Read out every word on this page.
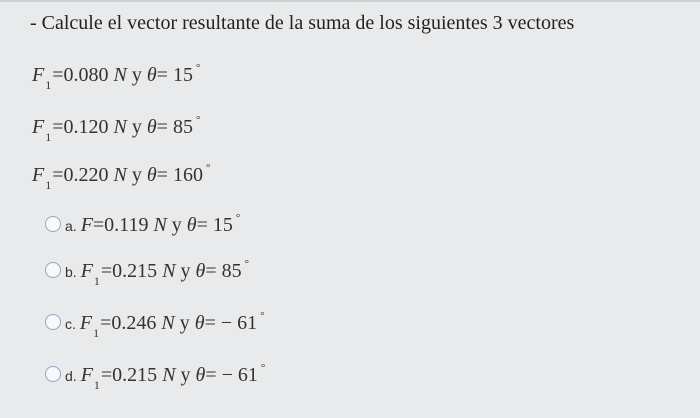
- Calcule el vector resultante de la suma de los siguientes 3 vectores
$F_1=0.080$ N y θ= 15 °
$F_1=0.120$ N y θ= 85 °
$F_1=0.220$ N y θ= 160 °
a. F=0.119 N y θ= 15 °
b. $F_1=0.215$ N y θ= 85 °
c. $F_1=0.246$ N y θ= − 61 °
d. $F_1=0.215$ N y θ= − 61 °
